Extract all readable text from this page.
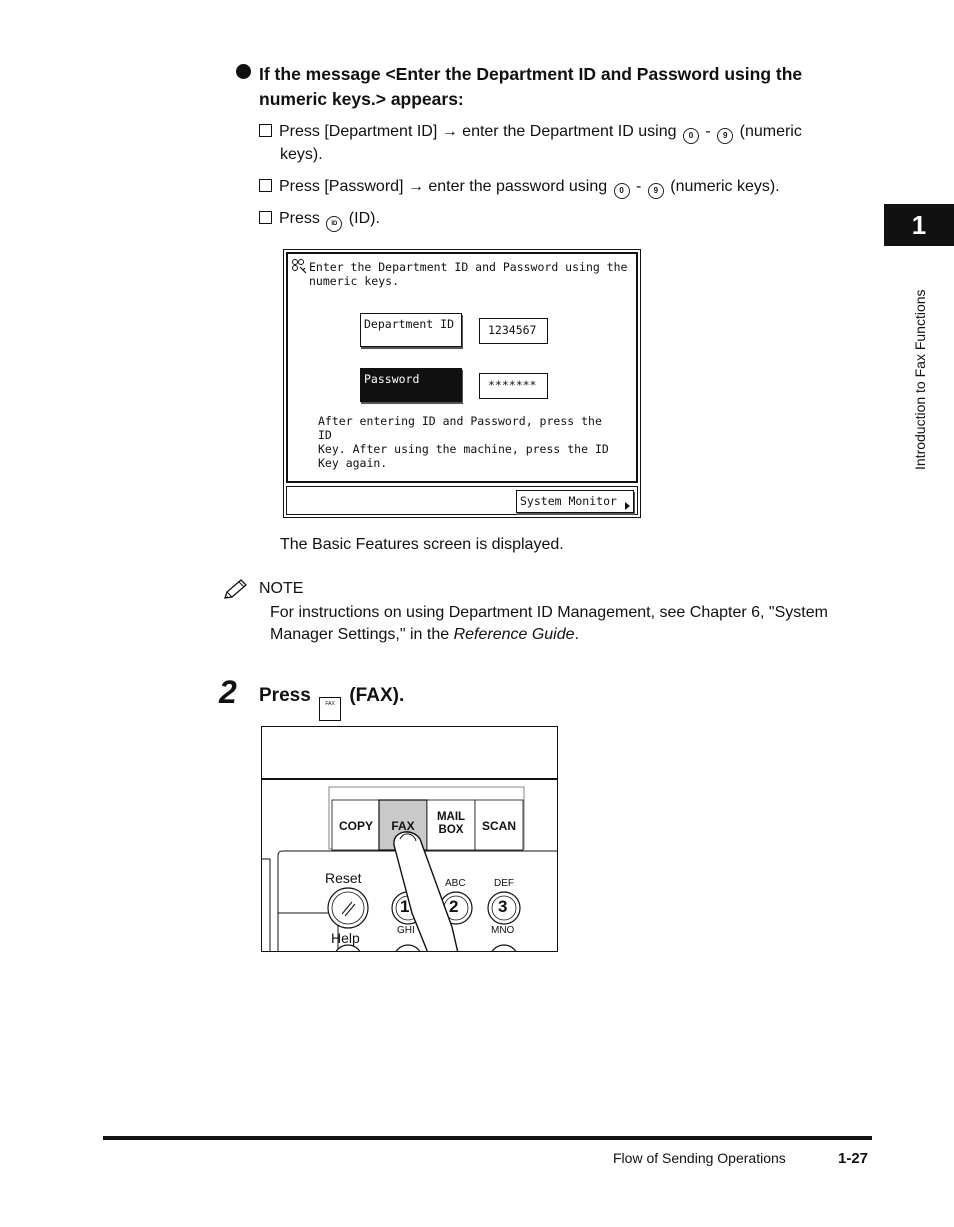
If the message <Enter the Department ID and Password using the
numeric keys.> appears:
Press [Department ID] → enter the Department ID using 0 - 9 (numeric
keys).
Press [Password] → enter the password using 0 - 9 (numeric keys).
Press ID (ID).	1
Introduction to Fax Functions
Enter the Department ID and Password using the
numeric keys.
Department ID	1234567
Password	*******
After entering ID and Password, press the ID
Key. After using the machine, press the ID
Key again.
System Monitor
The Basic Features screen is displayed.
NOTE
For instructions on using Department ID Management, see Chapter 6, "System
Manager Settings," in the Reference Guide.
2 Press	FAX (FAX).
COPY	FAX
MAIL
BOX	SCAN
Reset
Help
1 2 3
ABC	DEF
GHI	MNO
Flow of Sending Operations	1-27
